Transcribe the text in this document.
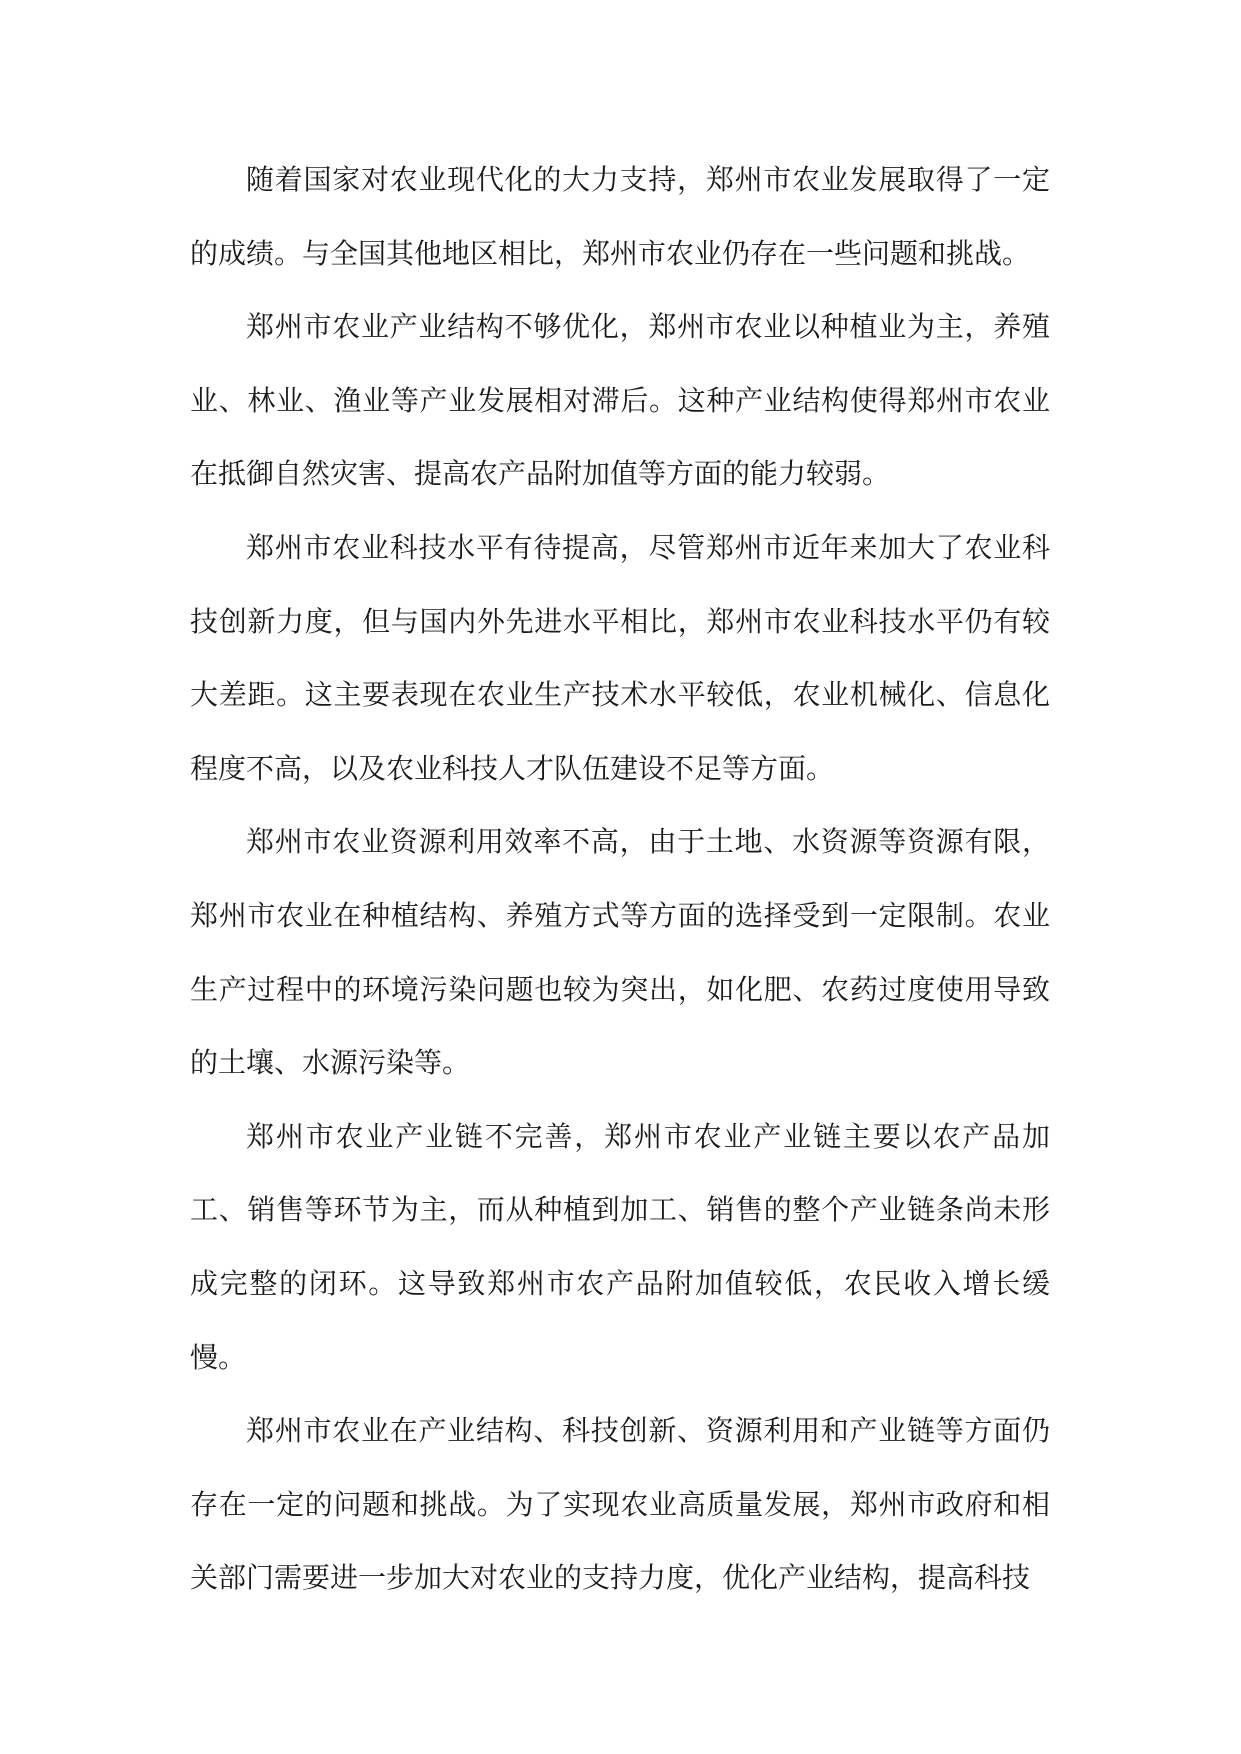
随着国家对农业现代化的大力支持，郑州市农业发展取得了一定的成绩。与全国其他地区相比，郑州市农业仍存在一些问题和挑战。

郑州市农业产业结构不够优化，郑州市农业以种植业为主，养殖业、林业、渔业等产业发展相对滞后。这种产业结构使得郑州市农业在抵御自然灾害、提高农产品附加值等方面的能力较弱。

郑州市农业科技水平有待提高，尽管郑州市近年来加大了农业科技创新力度，但与国内外先进水平相比，郑州市农业科技水平仍有较大差距。这主要表现在农业生产技术水平较低，农业机械化、信息化程度不高，以及农业科技人才队伍建设不足等方面。

郑州市农业资源利用效率不高，由于土地、水资源等资源有限，郑州市农业在种植结构、养殖方式等方面的选择受到一定限制。农业生产过程中的环境污染问题也较为突出，如化肥、农药过度使用导致的土壤、水源污染等。

郑州市农业产业链不完善，郑州市农业产业链主要以农产品加工、销售等环节为主，而从种植到加工、销售的整个产业链条尚未形成完整的闭环。这导致郑州市农产品附加值较低，农民收入增长缓慢。

郑州市农业在产业结构、科技创新、资源利用和产业链等方面仍存在一定的问题和挑战。为了实现农业高质量发展，郑州市政府和相关部门需要进一步加大对农业的支持力度，优化产业结构，提高科技
